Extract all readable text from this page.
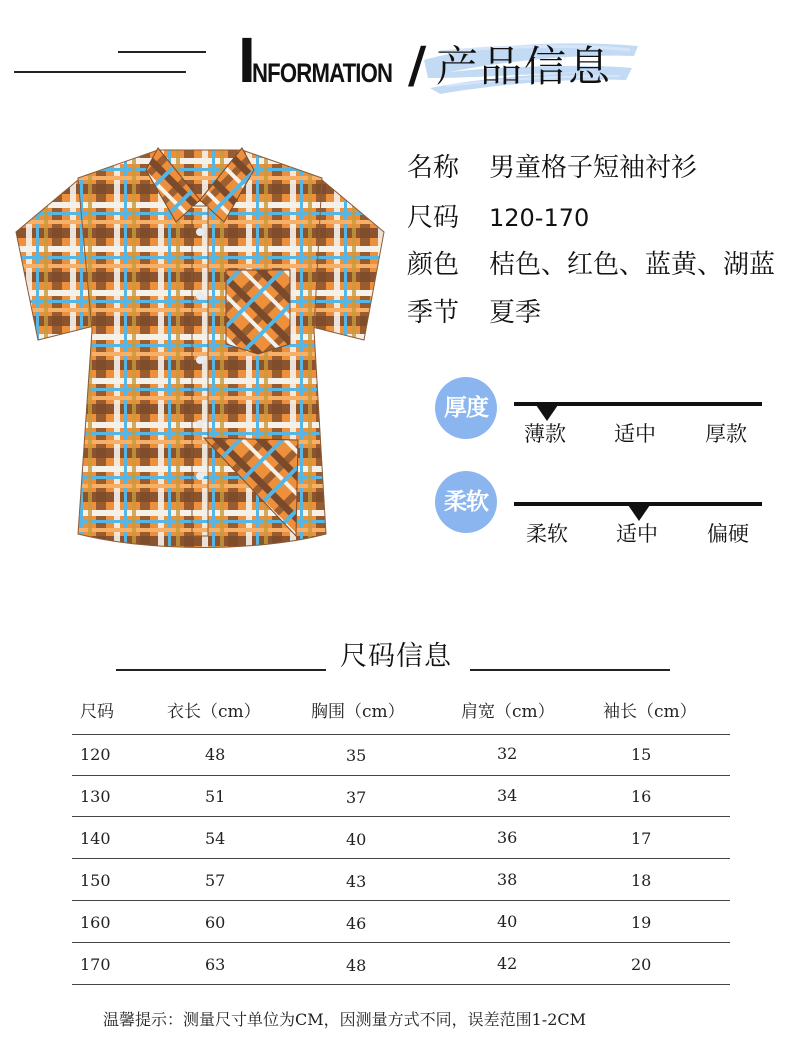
I
NFORMATION / 产品信息
名称 男童格子短袖衬衫
尺码 120-170
颜色 桔色、红色、蓝黄、湖蓝
季节 夏季
厚度
薄款 适中 厚款
柔软
柔软 适中 偏硬
尺码信息
尺码	衣长（cm）	胸围（cm）	肩宽（cm）	袖长（cm）
120	48	35	32	15
130	51	37	34	16
140	54	40	36	17
150	57	43	38	18
160	60	46	40	19
170	63	48	42	20
温馨提示：测量尺寸单位为CM，因测量方式不同，误差范围1-2CM
